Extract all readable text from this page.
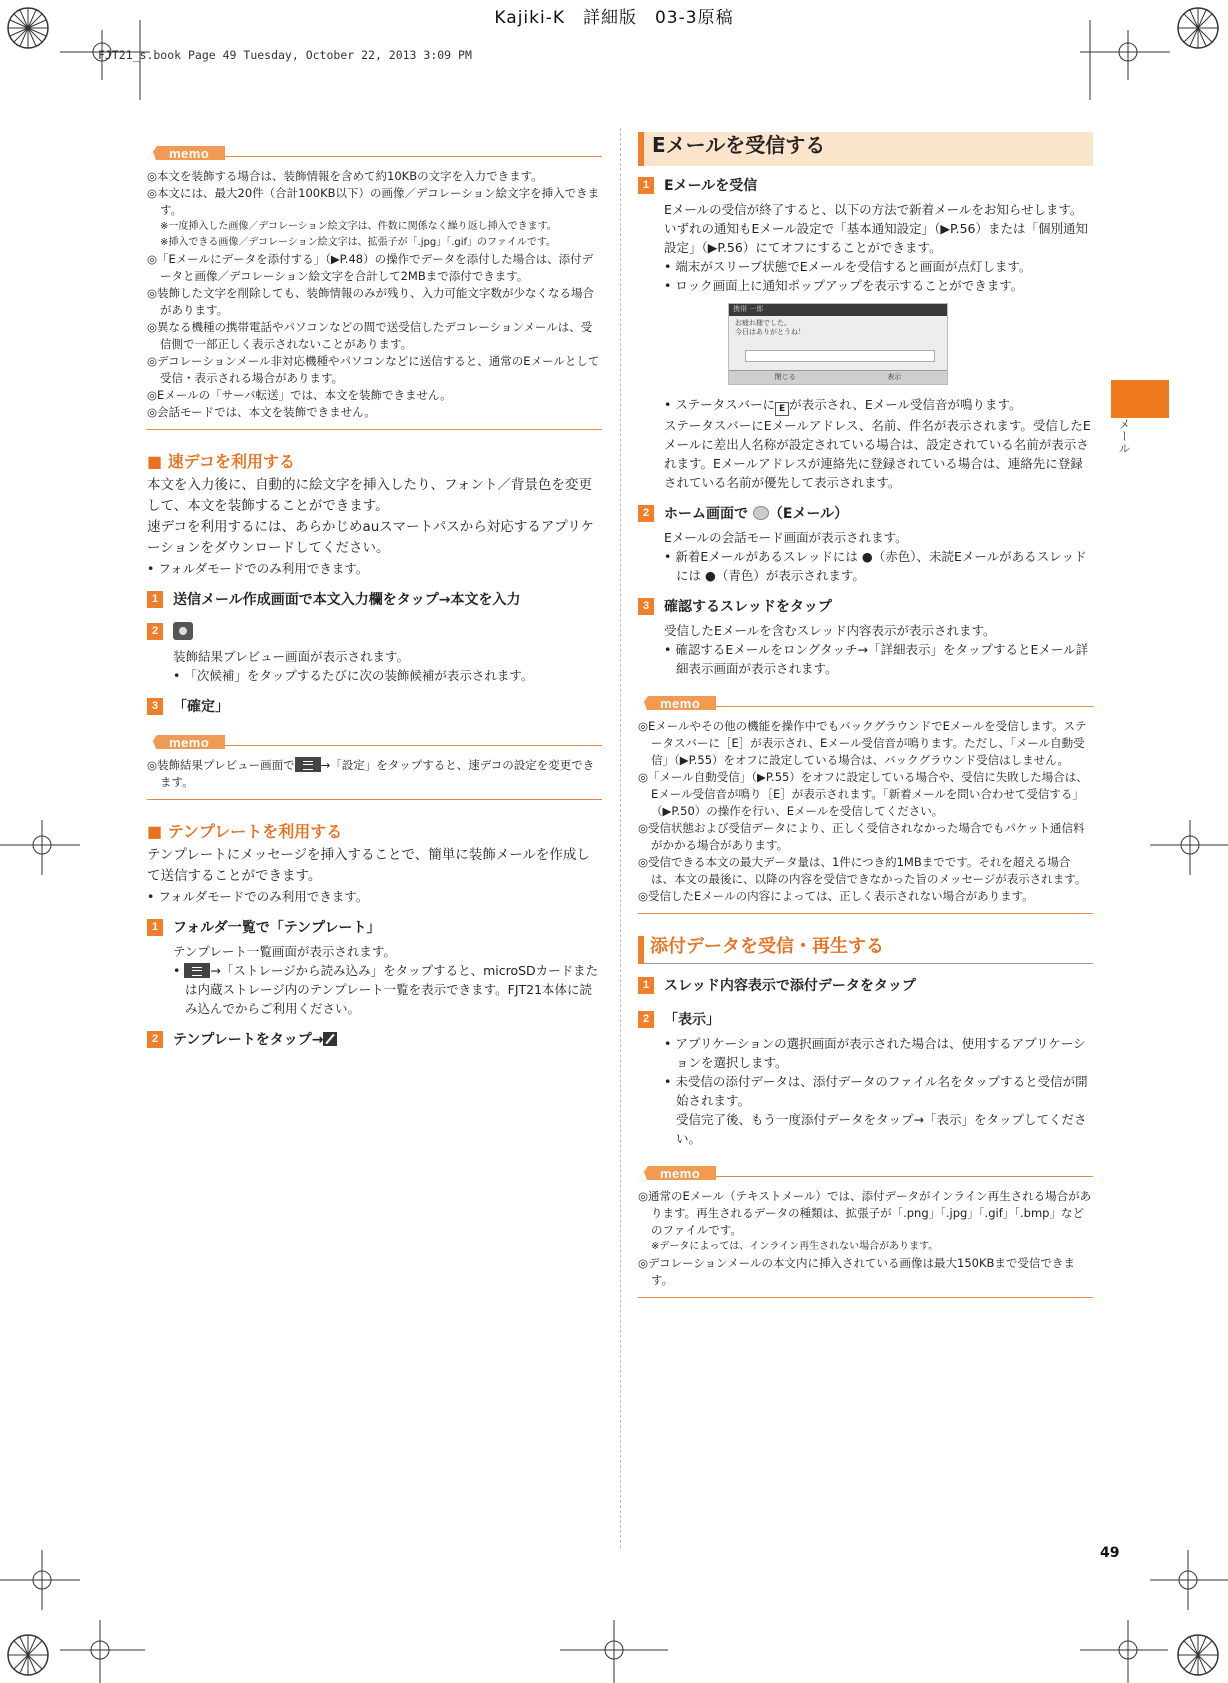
Kajiki-K　詳細版　03-3原稿
FJT21_s.book Page 49 Tuesday, October 22, 2013 3:09 PM
メール
memo
◎本文を装飾する場合は、装飾情報を含めて約10KBの文字を入力できます。
◎本文には、最大20件（合計100KB以下）の画像／デコレーション絵文字を挿入できます。
※一度挿入した画像／デコレーション絵文字は、件数に関係なく繰り返し挿入できます。
※挿入できる画像／デコレーション絵文字は、拡張子が「.jpg」「.gif」のファイルです。
◎「Eメールにデータを添付する」（▶P.48）の操作でデータを添付した場合は、添付データと画像／デコレーション絵文字を合計して2MBまで添付できます。
◎装飾した文字を削除しても、装飾情報のみが残り、入力可能文字数が少なくなる場合があります。
◎異なる機種の携帯電話やパソコンなどの間で送受信したデコレーションメールは、受信側で一部正しく表示されないことがあります。
◎デコレーションメール非対応機種やパソコンなどに送信すると、通常のEメールとして受信・表示される場合があります。
◎Eメールの「サーバ転送」では、本文を装飾できません。
◎会話モードでは、本文を装飾できません。
■ 速デコを利用する
本文を入力後に、自動的に絵文字を挿入したり、フォント／背景色を変更して、本文を装飾することができます。
速デコを利用するには、あらかじめauスマートパスから対応するアプリケーションをダウンロードしてください。
• フォルダモードでのみ利用できます。
1	送信メール作成画面で本文入力欄をタップ→本文を入力
2
装飾結果プレビュー画面が表示されます。
• 「次候補」をタップするたびに次の装飾候補が表示されます。
3	「確定」
memo
◎装飾結果プレビュー画面で →「設定」をタップすると、速デコの設定を変更できます。
■ テンプレートを利用する
テンプレートにメッセージを挿入することで、簡単に装飾メールを作成して送信することができます。
• フォルダモードでのみ利用できます。
1	フォルダ一覧で「テンプレート」
テンプレート一覧画面が表示されます。
• →「ストレージから読み込み」をタップすると、microSDカードまたは内蔵ストレージ内のテンプレート一覧を表示できます。FJT21本体に読み込んでからご利用ください。
2	テンプレートをタップ→
Eメールを受信する
1	Eメールを受信
Eメールの受信が終了すると、以下の方法で新着メールをお知らせします。いずれの通知もEメール設定で「基本通知設定」（▶P.56）または「個別通知設定」（▶P.56）にてオフにすることができます。
• 端末がスリープ状態でEメールを受信すると画面が点灯します。
• ロック画面上に通知ポップアップを表示することができます。
携帯 一郎
お疲れ様でした。
今日はありがとうね！
閉じる	表示
• ステータスバーに E が表示され、Eメール受信音が鳴ります。
ステータスバーにEメールアドレス、名前、件名が表示されます。受信したEメールに差出人名称が設定されている場合は、設定されている名前が表示されます。Eメールアドレスが連絡先に登録されている場合は、連絡先に登録されている名前が優先して表示されます。
2	ホーム画面で （Eメール）
Eメールの会話モード画面が表示されます。
• 新着Eメールがあるスレッドには ●（赤色）、未読Eメールがあるスレッドには ●（青色）が表示されます。
3	確認するスレッドをタップ
受信したEメールを含むスレッド内容表示が表示されます。
• 確認するEメールをロングタッチ→「詳細表示」をタップするとEメール詳細表示画面が表示されます。
memo
◎Eメールやその他の機能を操作中でもバックグラウンドでEメールを受信します。ステータスバーに［E］が表示され、Eメール受信音が鳴ります。ただし、「メール自動受信」（▶P.55）をオフに設定している場合は、バックグラウンド受信はしません。
◎「メール自動受信」（▶P.55）をオフに設定している場合や、受信に失敗した場合は、Eメール受信音が鳴り［E］が表示されます。「新着メールを問い合わせて受信する」（▶P.50）の操作を行い、Eメールを受信してください。
◎受信状態および受信データにより、正しく受信されなかった場合でもパケット通信料がかかる場合があります。
◎受信できる本文の最大データ量は、1件につき約1MBまでです。それを超える場合は、本文の最後に、以降の内容を受信できなかった旨のメッセージが表示されます。
◎受信したEメールの内容によっては、正しく表示されない場合があります。
添付データを受信・再生する
1	スレッド内容表示で添付データをタップ
2	「表示」
• アプリケーションの選択画面が表示された場合は、使用するアプリケーションを選択します。
• 未受信の添付データは、添付データのファイル名をタップすると受信が開始されます。
受信完了後、もう一度添付データをタップ→「表示」をタップしてください。
memo
◎通常のEメール（テキストメール）では、添付データがインライン再生される場合があります。再生されるデータの種類は、拡張子が「.png」「.jpg」「.gif」「.bmp」などのファイルです。
※データによっては、インライン再生されない場合があります。
◎デコレーションメールの本文内に挿入されている画像は最大150KBまで受信できます。
49
